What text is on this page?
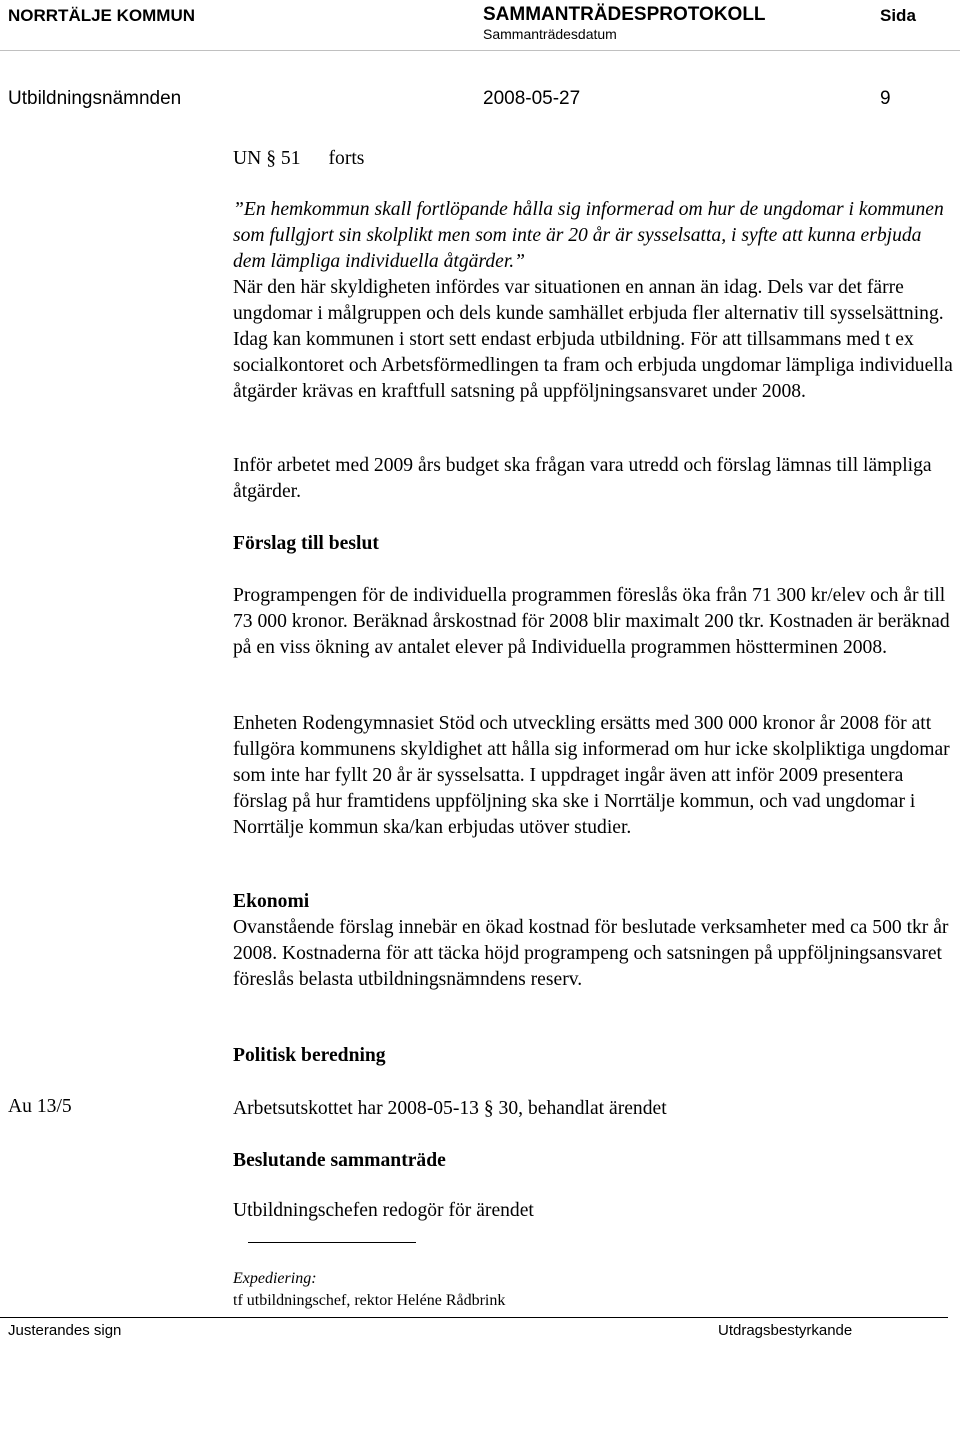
NORRTÄLJE KOMMUN	SAMMANTRÄDESPROTOKOLL	Sida
Sammanträdesdatum
Utbildningsnämnden	2008-05-27	9
UN § 51 forts
”En hemkommun skall fortlöpande hålla sig informerad om hur de ungdomar i kommunen som fullgjort sin skolplikt men som inte är 20 år är sysselsatta, i syfte att kunna erbjuda dem lämpliga individuella åtgärder.”
När den här skyldigheten infördes var situationen en annan än idag. Dels var det färre ungdomar i målgruppen och dels kunde samhället erbjuda fler alternativ till sysselsättning. Idag kan kommunen i stort sett endast erbjuda utbildning. För att tillsammans med t ex socialkontoret och Arbetsförmedlingen ta fram och erbjuda ungdomar lämpliga individuella åtgärder krävas en kraftfull satsning på uppföljningsansvaret under 2008.
Inför arbetet med 2009 års budget ska frågan vara utredd och förslag lämnas till lämpliga åtgärder.
Förslag till beslut
Programpengen för de individuella programmen föreslås öka från 71 300 kr/elev och år till 73 000 kronor. Beräknad årskostnad för 2008 blir maximalt 200 tkr. Kostnaden är beräknad på en viss ökning av antalet elever på Individuella programmen höstterminen 2008.
Enheten Rodengymnasiet Stöd och utveckling ersätts med 300 000 kronor år 2008 för att fullgöra kommunens skyldighet att hålla sig informerad om hur icke skolpliktiga ungdomar som inte har fyllt 20 år är sysselsatta. I uppdraget ingår även att inför 2009 presentera förslag på hur framtidens uppföljning ska ske i Norrtälje kommun, och vad ungdomar i Norrtälje kommun ska/kan erbjudas utöver studier.
Ekonomi
Ovanstående förslag innebär en ökad kostnad för beslutade verksamheter med ca 500 tkr år 2008. Kostnaderna för att täcka höjd programpeng och satsningen på uppföljningsansvaret föreslås belasta utbildningsnämndens reserv.
Politisk beredning
Au 13/5	Arbetsutskottet har 2008-05-13 § 30, behandlat ärendet
Beslutande sammanträde
Utbildningschefen redogör för ärendet
Expediering:
tf utbildningschef, rektor Heléne Rådbrink
Justerandes sign	Utdragsbestyrkande
